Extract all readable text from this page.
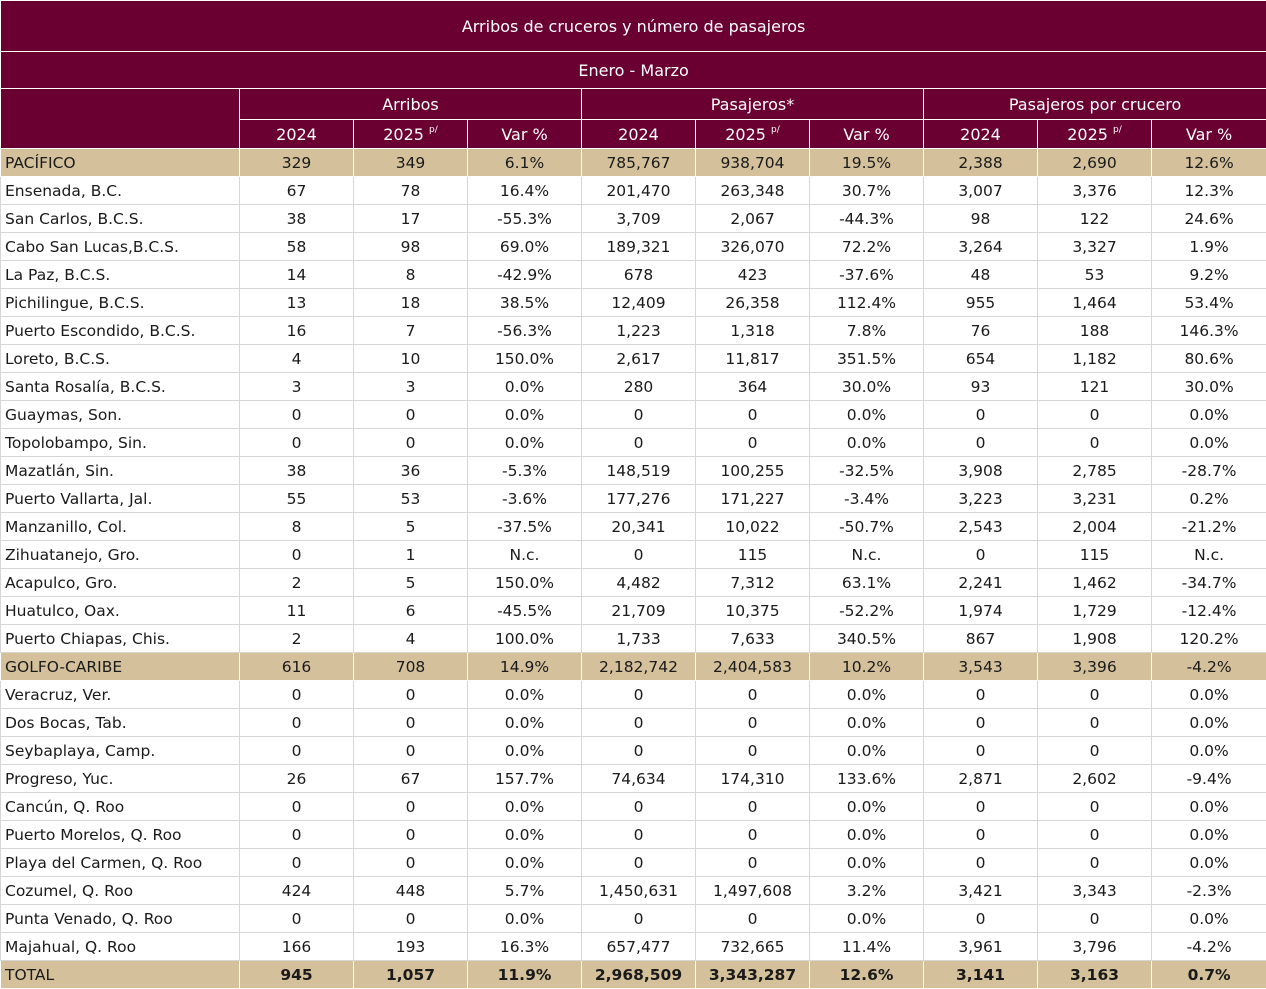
Arribos de cruceros y número de pasajeros									
Enero - Marzo									
	Arribos			Pasajeros*			Pasajeros por crucero		
	2024	2025 $^{p/}$	Var %	2024	2025 $^{p/}$	Var %	2024	2025 $^{p/}$	Var %
PACÍFICO	329	349	6.1%	785,767	938,704	19.5%	2,388	2,690	12.6%
Ensenada, B.C.	67	78	16.4%	201,470	263,348	30.7%	3,007	3,376	12.3%
San Carlos, B.C.S.	38	17	-55.3%	3,709	2,067	-44.3%	98	122	24.6%
Cabo San Lucas,B.C.S.	58	98	69.0%	189,321	326,070	72.2%	3,264	3,327	1.9%
La Paz, B.C.S.	14	8	-42.9%	678	423	-37.6%	48	53	9.2%
Pichilingue, B.C.S.	13	18	38.5%	12,409	26,358	112.4%	955	1,464	53.4%
Puerto Escondido, B.C.S.	16	7	-56.3%	1,223	1,318	7.8%	76	188	146.3%
Loreto, B.C.S.	4	10	150.0%	2,617	11,817	351.5%	654	1,182	80.6%
Santa Rosalía, B.C.S.	3	3	0.0%	280	364	30.0%	93	121	30.0%
Guaymas, Son.	0	0	0.0%	0	0	0.0%	0	0	0.0%
Topolobampo, Sin.	0	0	0.0%	0	0	0.0%	0	0	0.0%
Mazatlán, Sin.	38	36	-5.3%	148,519	100,255	-32.5%	3,908	2,785	-28.7%
Puerto Vallarta, Jal.	55	53	-3.6%	177,276	171,227	-3.4%	3,223	3,231	0.2%
Manzanillo, Col.	8	5	-37.5%	20,341	10,022	-50.7%	2,543	2,004	-21.2%
Zihuatanejo, Gro.	0	1	N.c.	0	115	N.c.	0	115	N.c.
Acapulco, Gro.	2	5	150.0%	4,482	7,312	63.1%	2,241	1,462	-34.7%
Huatulco, Oax.	11	6	-45.5%	21,709	10,375	-52.2%	1,974	1,729	-12.4%
Puerto Chiapas, Chis.	2	4	100.0%	1,733	7,633	340.5%	867	1,908	120.2%
GOLFO-CARIBE	616	708	14.9%	2,182,742	2,404,583	10.2%	3,543	3,396	-4.2%
Veracruz, Ver.	0	0	0.0%	0	0	0.0%	0	0	0.0%
Dos Bocas, Tab.	0	0	0.0%	0	0	0.0%	0	0	0.0%
Seybaplaya, Camp.	0	0	0.0%	0	0	0.0%	0	0	0.0%
Progreso, Yuc.	26	67	157.7%	74,634	174,310	133.6%	2,871	2,602	-9.4%
Cancún, Q. Roo	0	0	0.0%	0	0	0.0%	0	0	0.0%
Puerto Morelos, Q. Roo	0	0	0.0%	0	0	0.0%	0	0	0.0%
Playa del Carmen, Q. Roo	0	0	0.0%	0	0	0.0%	0	0	0.0%
Cozumel, Q. Roo	424	448	5.7%	1,450,631	1,497,608	3.2%	3,421	3,343	-2.3%
Punta Venado, Q. Roo	0	0	0.0%	0	0	0.0%	0	0	0.0%
Majahual, Q. Roo	166	193	16.3%	657,477	732,665	11.4%	3,961	3,796	-4.2%
TOTAL	945	1,057	11.9%	2,968,509	3,343,287	12.6%	3,141	3,163	0.7%
